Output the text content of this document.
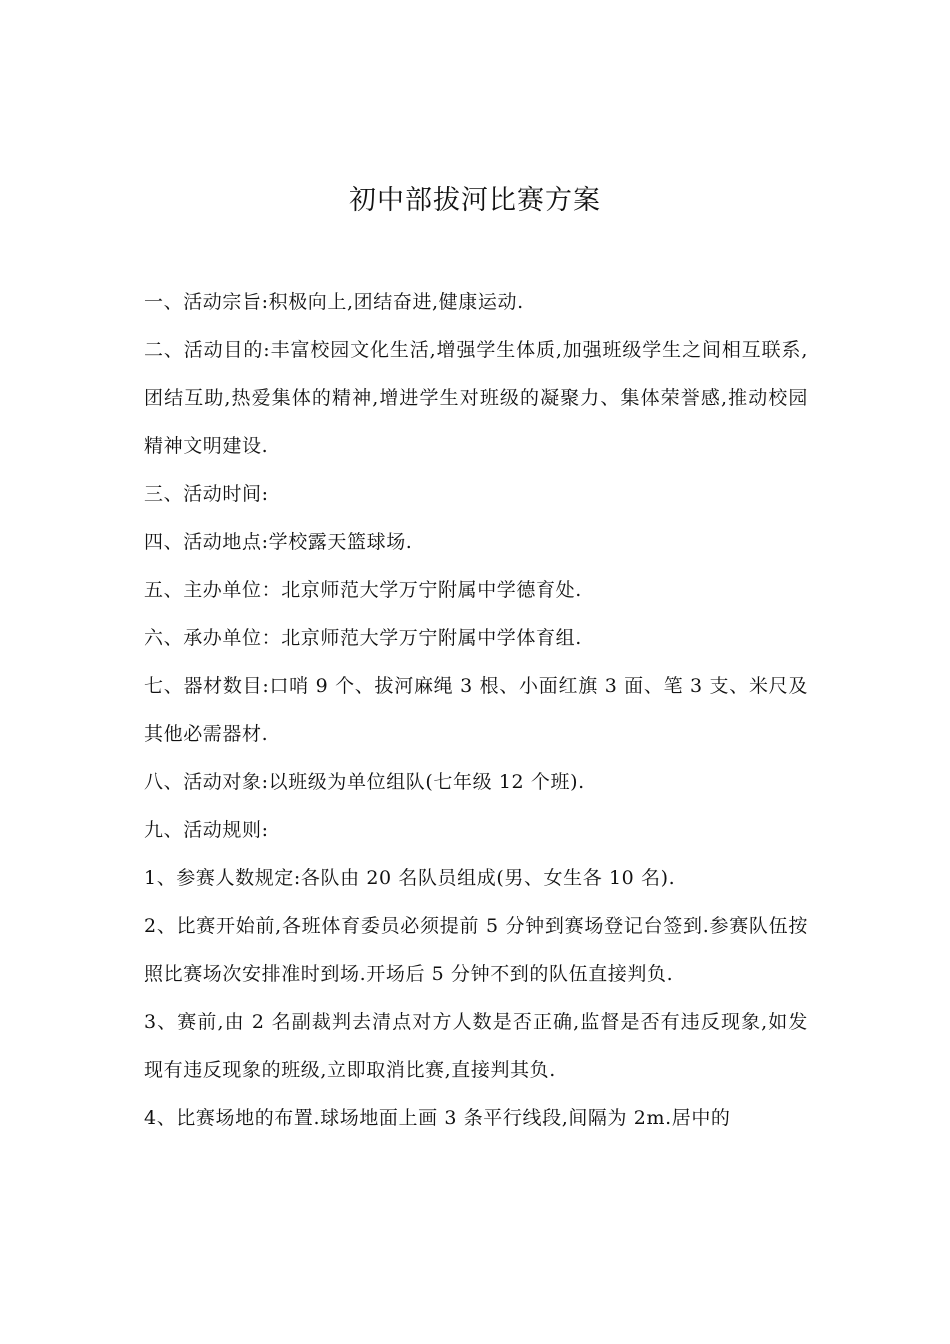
初中部拔河比赛方案

一、活动宗旨:积极向上,团结奋进,健康运动.

二、活动目的:丰富校园文化生活,增强学生体质,加强班级学生之间相互联系,团结互助,热爱集体的精神,增进学生对班级的凝聚力、集体荣誉感,推动校园精神文明建设.

三、活动时间:

四、活动地点:学校露天篮球场.

五、主办单位：北京师范大学万宁附属中学德育处.

六、承办单位：北京师范大学万宁附属中学体育组.

七、器材数目:口哨 9 个、拔河麻绳 3 根、小面红旗 3 面、笔 3 支、米尺及其他必需器材.

八、活动对象:以班级为单位组队(七年级 12 个班).

九、活动规则:

1、参赛人数规定:各队由 20 名队员组成(男、女生各 10 名).

2、比赛开始前,各班体育委员必须提前 5 分钟到赛场登记台签到.参赛队伍按照比赛场次安排准时到场.开场后 5 分钟不到的队伍直接判负.

3、赛前,由 2 名副裁判去清点对方人数是否正确,监督是否有违反现象,如发现有违反现象的班级,立即取消比赛,直接判其负.

4、比赛场地的布置.球场地面上画 3 条平行线段,间隔为 2m.居中的
